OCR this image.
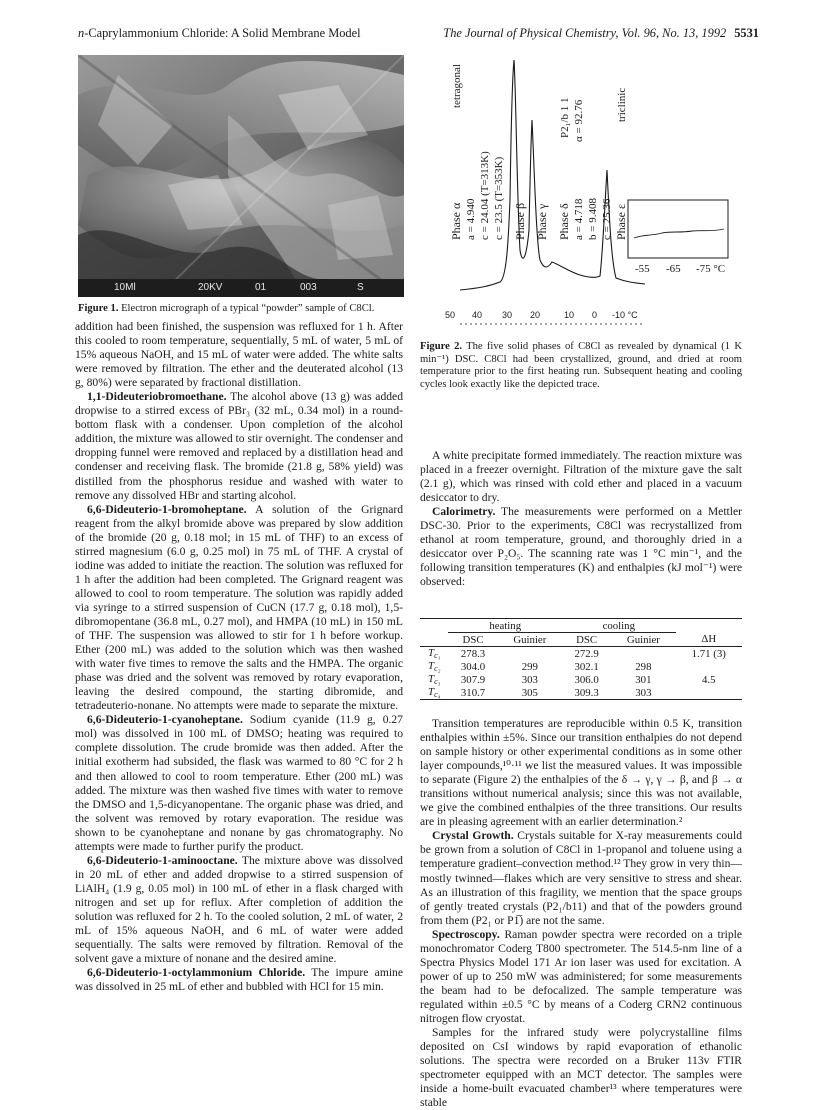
n-Caprylammonium Chloride: A Solid Membrane Model	The Journal of Physical Chemistry, Vol. 96, No. 13, 1992 5531
10Ml	20KV	01	003	S
Figure 1. Electron micrograph of a typical “powder” sample of C8Cl.
Phase α a = 4.940 c = 24.04 (T=313K) c = 23.5 (T=353K)
tetragonal
Phase β Phase γ Phase δ a = 4.718 b = 9.408 c = 25.36
α = 92.76
P2₁/b 1 1
Phase ε
triclinic
50 40 30 20	10 0 -10 °C
-55 -65 -75 °C
Figure 2. The five solid phases of C8Cl as revealed by dynamical (1 K min⁻¹) DSC. C8Cl had been crystallized, ground, and dried at room temperature prior to the first heating run. Subsequent heating and cooling cycles look exactly like the depicted trace.

addition had been finished, the suspension was refluxed for 1 h. After this cooled to room temperature, sequentially, 5 mL of water, 5 mL of 15% aqueous NaOH, and 15 mL of water were added. The white salts were removed by filtration. The ether and the deuterated alcohol (13 g, 80%) were separated by fractional distillation.

1,1-Dideuteriobromoethane. The alcohol above (13 g) was added dropwise to a stirred excess of PBr₃ (32 mL, 0.34 mol) in a round-bottom flask with a condenser. Upon completion of the alcohol addition, the mixture was allowed to stir overnight. The condenser and dropping funnel were removed and replaced by a distillation head and condenser and receiving flask. The bromide (21.8 g, 58% yield) was distilled from the phosphorus residue and washed with water to remove any dissolved HBr and starting alcohol.

6,6-Dideuterio-1-bromoheptane. A solution of the Grignard reagent from the alkyl bromide above was prepared by slow addition of the bromide (20 g, 0.18 mol; in 15 mL of THF) to an excess of stirred magnesium (6.0 g, 0.25 mol) in 75 mL of THF. A crystal of iodine was added to initiate the reaction. The solution was refluxed for 1 h after the addition had been completed. The Grignard reagent was allowed to cool to room temperature. The solution was rapidly added via syringe to a stirred suspension of CuCN (17.7 g, 0.18 mol), 1,5-dibromopentane (36.8 mL, 0.27 mol), and HMPA (10 mL) in 150 mL of THF. The suspension was allowed to stir for 1 h before workup. Ether (200 mL) was added to the solution which was then washed with water five times to remove the salts and the HMPA. The organic phase was dried and the solvent was removed by rotary evaporation, leaving the desired compound, the starting dibromide, and tetradeuterio-nonane. No attempts were made to separate the mixture.

6,6-Dideuterio-1-cyanoheptane. Sodium cyanide (11.9 g, 0.27 mol) was dissolved in 100 mL of DMSO; heating was required to complete dissolution. The crude bromide was then added. After the initial exotherm had subsided, the flask was warmed to 80 °C for 2 h and then allowed to cool to room temperature. Ether (200 mL) was added. The mixture was then washed five times with water to remove the DMSO and 1,5-dicyanopentane. The organic phase was dried, and the solvent was removed by rotary evaporation. The residue was shown to be cyanoheptane and nonane by gas chromatography. No attempts were made to further purify the product.

6,6-Dideuterio-1-aminooctane. The mixture above was dissolved in 20 mL of ether and added dropwise to a stirred suspension of LiAlH₄ (1.9 g, 0.05 mol) in 100 mL of ether in a flask charged with nitrogen and set up for reflux. After completion of addition the solution was refluxed for 2 h. To the cooled solution, 2 mL of water, 2 mL of 15% aqueous NaOH, and 6 mL of water were added sequentially. The salts were removed by filtration. Removal of the solvent gave a mixture of nonane and the desired amine.

6,6-Dideuterio-1-octylammonium Chloride. The impure amine was dissolved in 25 mL of ether and bubbled with HCl for 15 min.

A white precipitate formed immediately. The reaction mixture was placed in a freezer overnight. Filtration of the mixture gave the salt (2.1 g), which was rinsed with cold ether and placed in a vacuum desiccator to dry.

Calorimetry. The measurements were performed on a Mettler DSC-30. Prior to the experiments, C8Cl was recrystallized from ethanol at room temperature, ground, and thoroughly dried in a desiccator over P₂O₅. The scanning rate was 1 °C min⁻¹, and the following transition temperatures (K) and enthalpies (kJ mol⁻¹) were observed:

	heating		cooling		
	DSC	Guinier	DSC	Guinier	ΔH
$T_{c_1}$	278.3		272.9		1.71 (3)
$T_{c_2}$	304.0	299	302.1	298	
$T_{c_3}$	307.9	303	306.0	301	4.5
$T_{c_4}$	310.7	305	309.3	303	

Transition temperatures are reproducible within 0.5 K, transition enthalpies within ±5%. Since our transition enthalpies do not depend on sample history or other experimental conditions as in some other layer compounds,¹⁰·¹¹ we list the measured values. It was impossible to separate (Figure 2) the enthalpies of the δ → γ, γ → β, and β → α transitions without numerical analysis; since this was not available, we give the combined enthalpies of the three transitions. Our results are in pleasing agreement with an earlier determination.²

Crystal Growth. Crystals suitable for X-ray measurements could be grown from a solution of C8Cl in 1-propanol and toluene using a temperature gradient–convection method.¹² They grow in very thin—mostly twinned—flakes which are very sensitive to stress and shear. As an illustration of this fragility, we mention that the space groups of gently treated crystals (P2₁/b11) and that of the powders ground from them (P2₁ or P1̅) are not the same.

Spectroscopy. Raman powder spectra were recorded on a triple monochromator Coderg T800 spectrometer. The 514.5-nm line of a Spectra Physics Model 171 Ar ion laser was used for excitation. A power of up to 250 mW was administered; for some measurements the beam had to be defocalized. The sample temperature was regulated within ±0.5 °C by means of a Coderg CRN2 continuous nitrogen flow cryostat.

Samples for the infrared study were polycrystalline films deposited on CsI windows by rapid evaporation of ethanolic solutions. The spectra were recorded on a Bruker 113v FTIR spectrometer equipped with an MCT detector. The samples were inside a home-built evacuated chamber¹³ where temperatures were stable
